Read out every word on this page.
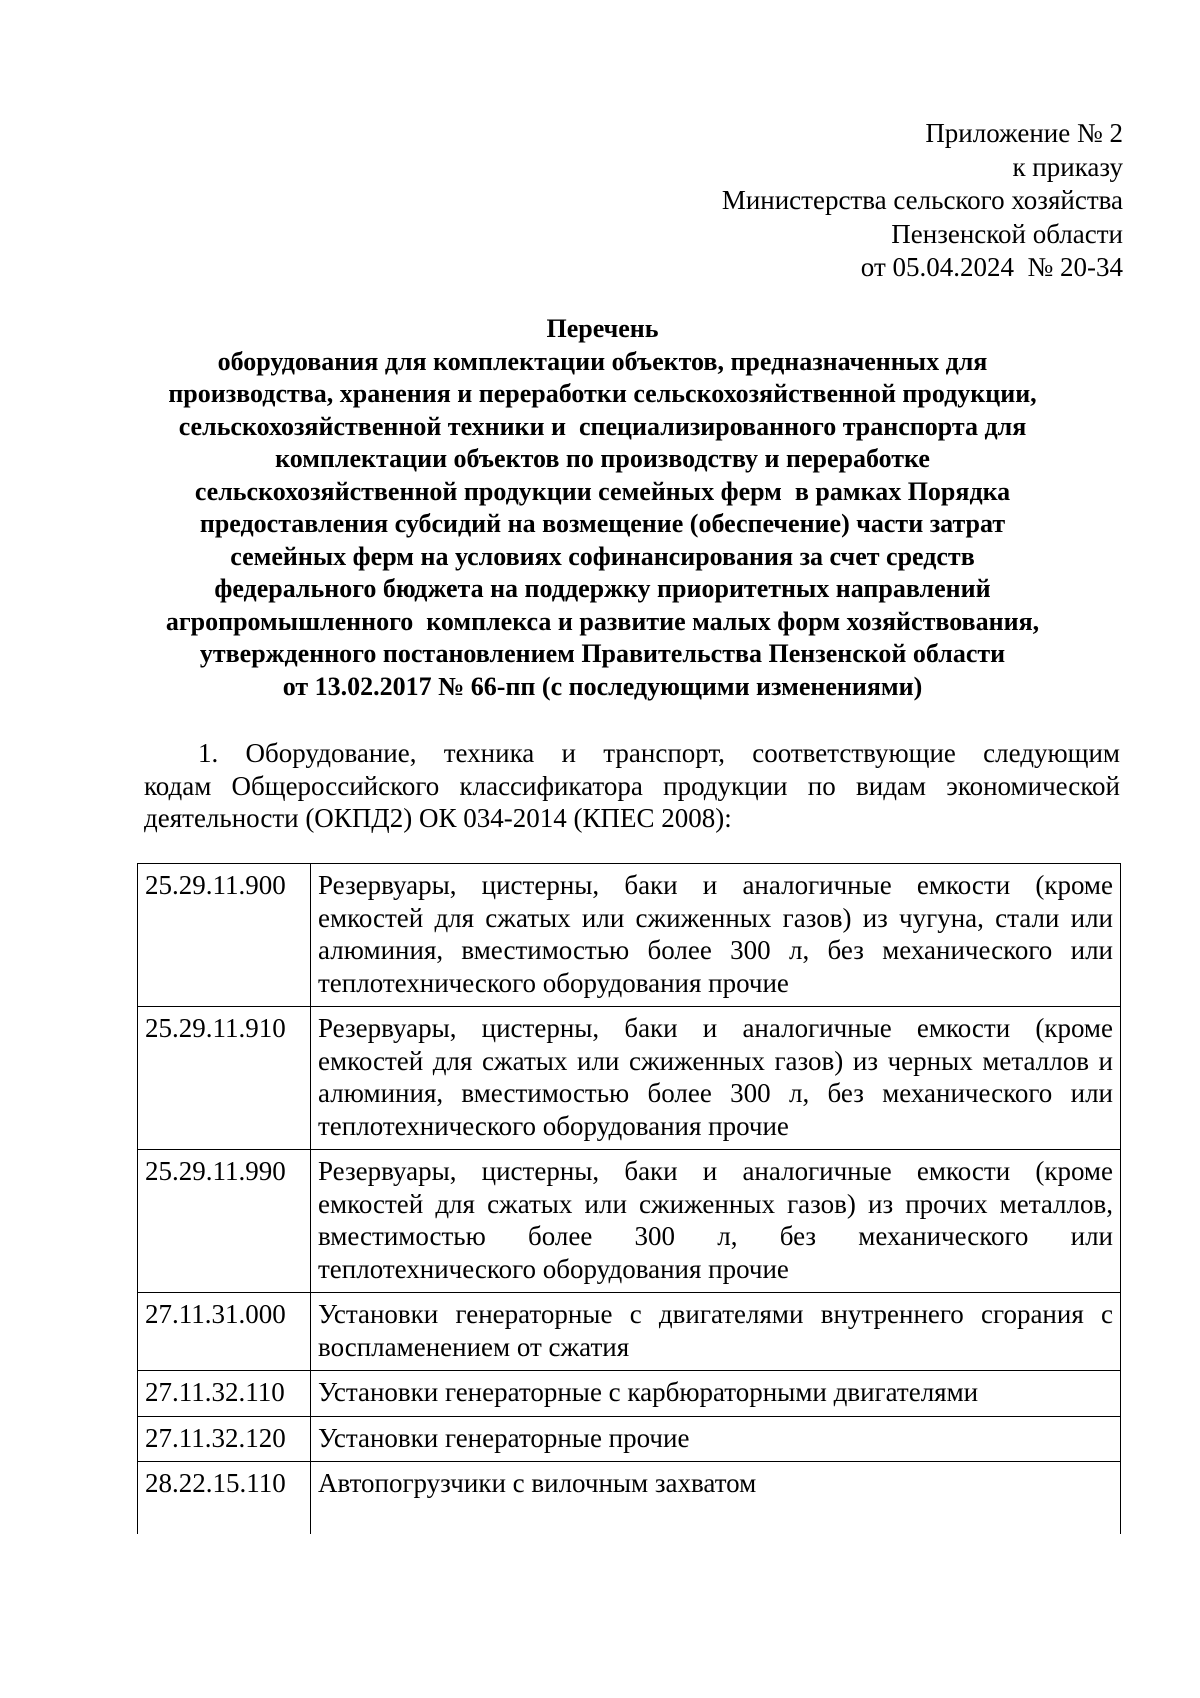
Приложение № 2
к приказу
Министерства сельского хозяйства
Пензенской области
от 05.04.2024  № 20-34
Перечень
оборудования для комплектации объектов, предназначенных для
производства, хранения и переработки сельскохозяйственной продукции,
сельскохозяйственной техники и  специализированного транспорта для
комплектации объектов по производству и переработке
сельскохозяйственной продукции семейных ферм  в рамках Порядка
предоставления субсидий на возмещение (обеспечение) части затрат
семейных ферм на условиях софинансирования за счет средств
федерального бюджета на поддержку приоритетных направлений
агропромышленного  комплекса и развитие малых форм хозяйствования,
утвержденного постановлением Правительства Пензенской области
от 13.02.2017 № 66-пп (с последующими изменениями)

1. Оборудование, техника и транспорт, соответствующие следующим

кодам Общероссийского классификатора продукции по видам экономической

деятельности (ОКПД2) ОК 034-2014 (КПЕС 2008):

25.29.11.900	Резервуары, цистерны, баки и аналогичные емкости (кроме емкостей для сжатых или сжиженных газов) из чугуна, стали или алюминия, вместимостью более 300 л, без механического или теплотехнического оборудования прочие
25.29.11.910	Резервуары, цистерны, баки и аналогичные емкости (кроме емкостей для сжатых или сжиженных газов) из черных металлов и алюминия, вместимостью более 300 л, без механического или теплотехнического оборудования прочие
25.29.11.990	Резервуары, цистерны, баки и аналогичные емкости (кроме емкостей для сжатых или сжиженных газов) из прочих металлов, вместимостью более 300 л, без механического или теплотехнического оборудования прочие
27.11.31.000	Установки генераторные с двигателями внутреннего сгорания с воспламенением от сжатия
27.11.32.110	Установки генераторные с карбюраторными двигателями
27.11.32.120	Установки генераторные прочие
28.22.15.110	Автопогрузчики с вилочным захватом
